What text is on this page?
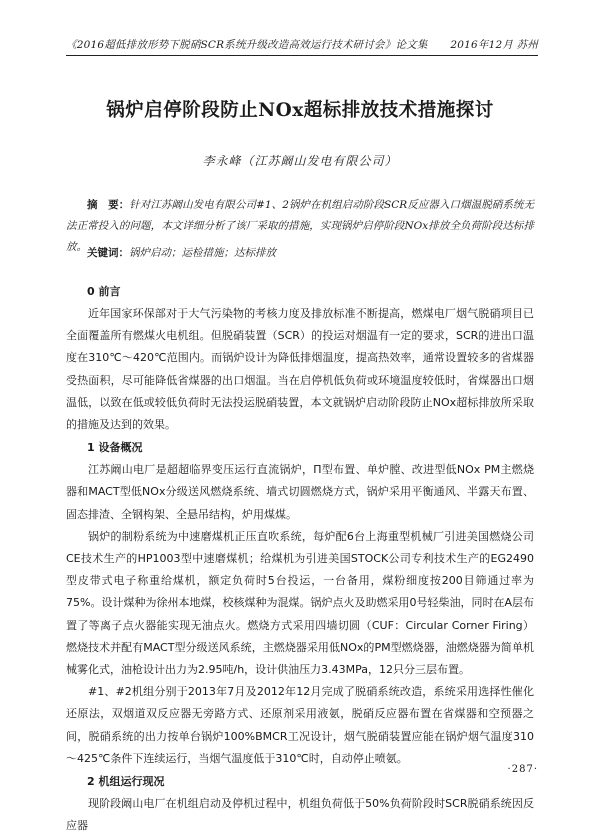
《2016超低排放形势下脱硝SCR系统升级改造高效运行技术研讨会》论文集 2016年12月 苏州
锅炉启停阶段防止NOx超标排放技术措施探讨
李永峰（江苏阚山发电有限公司）
摘　要：针对江苏阚山发电有限公司#1、2锅炉在机组启动阶段SCR反应器入口烟温脱硝系统无法正常投入的问题，本文详细分析了该厂采取的措施，实现锅炉启停阶段NOx排放全负荷阶段达标排放。 关键词：锅炉启动；运检措施；达标排放
0 前言

近年国家环保部对于大气污染物的考核力度及排放标准不断提高，燃煤电厂烟气脱硝项目已全面覆盖所有燃煤火电机组。但脱硝装置（SCR）的投运对烟温有一定的要求，SCR的进出口温度在310℃～420℃范围内。而锅炉设计为降低排烟温度，提高热效率，通常设置较多的省煤器受热面积，尽可能降低省煤器的出口烟温。当在启停机低负荷或环境温度较低时，省煤器出口烟温低，以致在低或较低负荷时无法投运脱硝装置，本文就锅炉启动阶段防止NOx超标排放所采取的措施及达到的效果。

1 设备概况

江苏阚山电厂是超超临界变压运行直流锅炉，Π型布置、单炉膛、改进型低NOx PM主燃烧器和MACT型低NOx分级送风燃烧系统、墙式切圆燃烧方式，锅炉采用平衡通风、半露天布置、固态排渣、全钢构架、全悬吊结构，炉用煤煤。

锅炉的制粉系统为中速磨煤机正压直吹系统，每炉配6台上海重型机械厂引进美国燃烧公司CE技术生产的HP1003型中速磨煤机；给煤机为引进美国STOCK公司专利技术生产的EG2490型皮带式电子称重给煤机，额定负荷时5台投运，一台备用，煤粉细度按200目筛通过率为75%。设计煤种为徐州本地煤，校核煤种为混煤。锅炉点火及助燃采用0号轻柴油，同时在A层布置了等离子点火器能实现无油点火。燃烧方式采用四墙切圆（CUF：Circular Corner Firing）燃烧技术并配有MACT型分级送风系统，主燃烧器采用低NOx的PM型燃烧器，油燃烧器为简单机械雾化式，油枪设计出力为2.95吨/h，设计供油压力3.43MPa，12只分三层布置。

#1、#2机组分别于2013年7月及2012年12月完成了脱硝系统改造，系统采用选择性催化还原法，双烟道双反应器无旁路方式、还原剂采用液氨，脱硝反应器布置在省煤器和空预器之间，脱硝系统的出力按单台锅炉100%BMCR工况设计，烟气脱硝装置应能在锅炉烟气温度310～425℃条件下连续运行，当烟气温度低于310℃时，自动停止喷氨。

2 机组运行现况

现阶段阚山电厂在机组启动及停机过程中，机组负荷低于50%负荷阶段时SCR脱硝系统因反应器

·287·
